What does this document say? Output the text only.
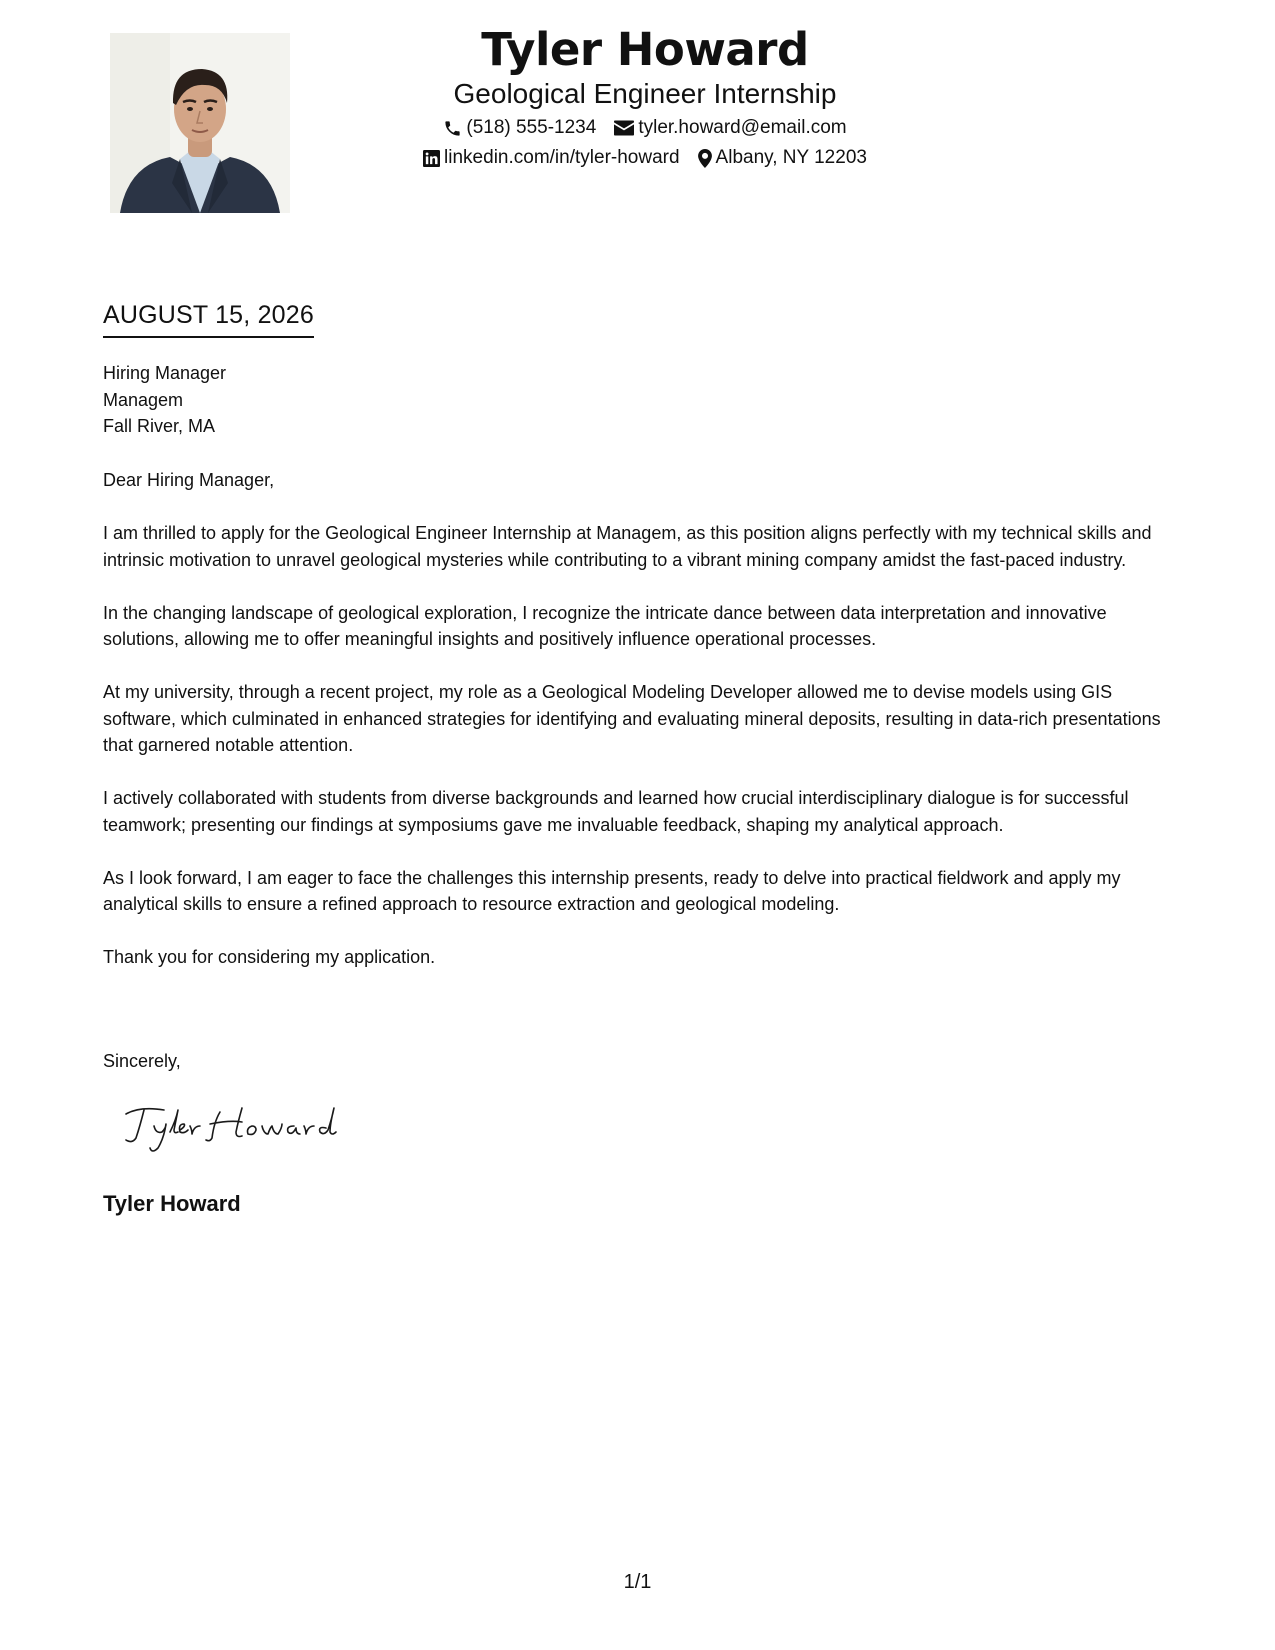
Tyler Howard
Geological Engineer Internship
(518) 555-1234 tyler.howard@email.com
linkedin.com/in/tyler-howard Albany, NY 12203
AUGUST 15, 2026
Hiring Manager
Managem
Fall River, MA

Dear Hiring Manager,

I am thrilled to apply for the Geological Engineer Internship at Managem, as this position aligns perfectly with my technical skills and intrinsic motivation to unravel geological mysteries while contributing to a vibrant mining company amidst the fast-paced industry.

In the changing landscape of geological exploration, I recognize the intricate dance between data interpretation and innovative solutions, allowing me to offer meaningful insights and positively influence operational processes.

At my university, through a recent project, my role as a Geological Modeling Developer allowed me to devise models using GIS software, which culminated in enhanced strategies for identifying and evaluating mineral deposits, resulting in data-rich presentations that garnered notable attention.

I actively collaborated with students from diverse backgrounds and learned how crucial interdisciplinary dialogue is for successful teamwork; presenting our findings at symposiums gave me invaluable feedback, shaping my analytical approach.

As I look forward, I am eager to face the challenges this internship presents, ready to delve into practical fieldwork and apply my analytical skills to ensure a refined approach to resource extraction and geological modeling.

Thank you for considering my application.

Sincerely,
Tyler Howard
1/1
